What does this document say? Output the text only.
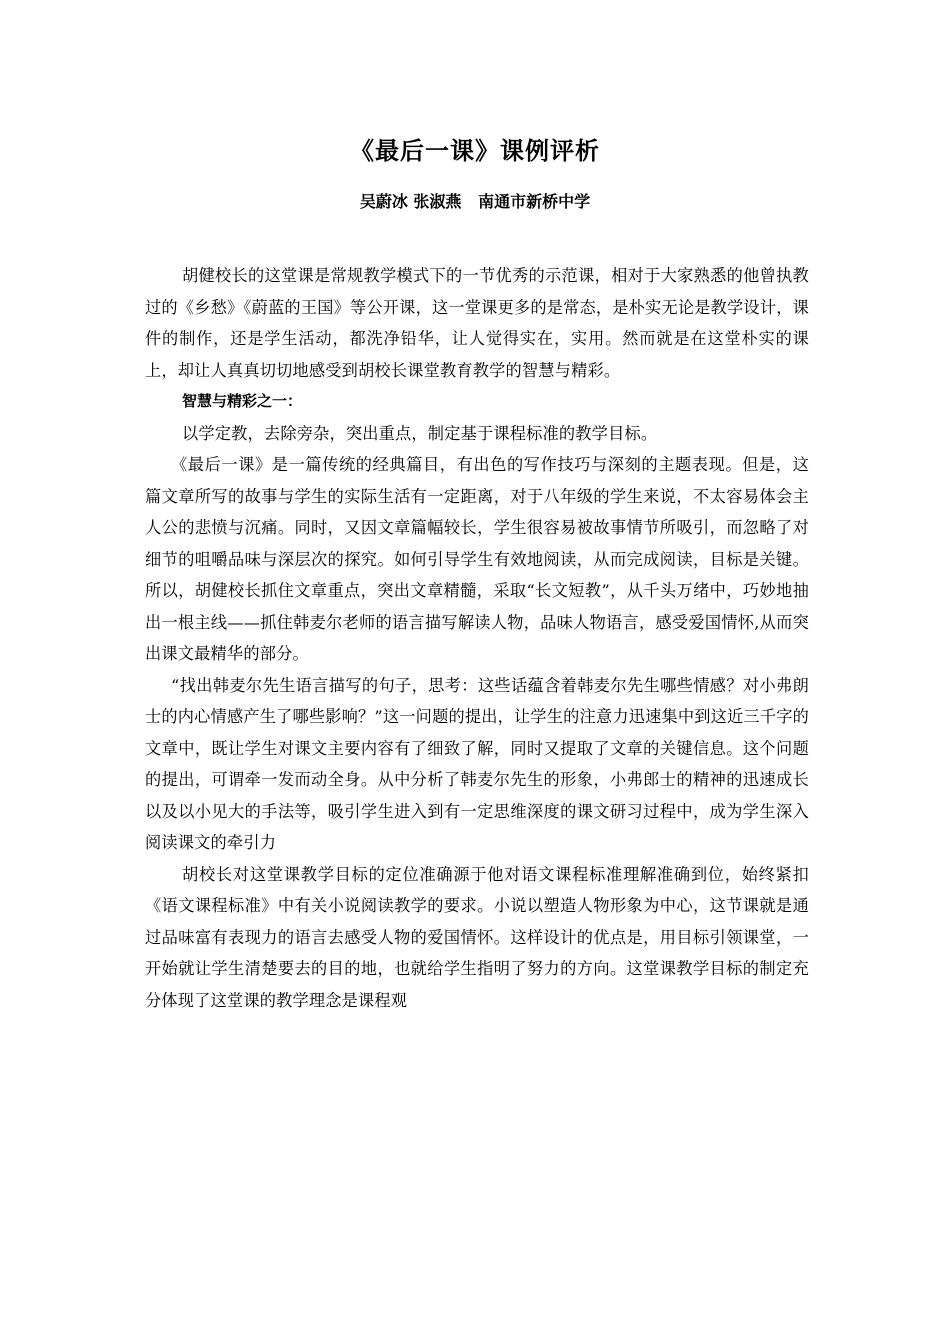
《最后一课》课例评析

吴蔚冰 张淑燕   南通市新桥中学

胡健校长的这堂课是常规教学模式下的一节优秀的示范课，相对于大家熟悉的他曾执教过的《乡愁》《蔚蓝的王国》等公开课，这一堂课更多的是常态，是朴实无论是教学设计，课件的制作，还是学生活动，都洗净铅华，让人觉得实在，实用。然而就是在这堂朴实的课上，却让人真真切切地感受到胡校长课堂教育教学的智慧与精彩。

智慧与精彩之一：

以学定教，去除旁杂，突出重点，制定基于课程标准的教学目标。

《最后一课》是一篇传统的经典篇目，有出色的写作技巧与深刻的主题表现。但是，这篇文章所写的故事与学生的实际生活有一定距离，对于八年级的学生来说，不太容易体会主人公的悲愤与沉痛。同时，又因文章篇幅较长，学生很容易被故事情节所吸引，而忽略了对细节的咀嚼品味与深层次的探究。如何引导学生有效地阅读，从而完成阅读，目标是关键。所以，胡健校长抓住文章重点，突出文章精髓，采取“长文短教”，从千头万绪中，巧妙地抽出一根主线——抓住韩麦尔老师的语言描写解读人物，品味人物语言，感受爱国情怀,从而突出课文最精华的部分。

“找出韩麦尔先生语言描写的句子，思考：这些话蕴含着韩麦尔先生哪些情感？对小弗朗士的内心情感产生了哪些影响？”这一问题的提出，让学生的注意力迅速集中到这近三千字的文章中，既让学生对课文主要内容有了细致了解，同时又提取了文章的关键信息。这个问题的提出，可谓牵一发而动全身。从中分析了韩麦尔先生的形象，小弗郎士的精神的迅速成长以及以小见大的手法等，吸引学生进入到有一定思维深度的课文研习过程中，成为学生深入阅读课文的牵引力

胡校长对这堂课教学目标的定位准确源于他对语文课程标准理解准确到位，始终紧扣《语文课程标准》中有关小说阅读教学的要求。小说以塑造人物形象为中心，这节课就是通过品味富有表现力的语言去感受人物的爱国情怀。这样设计的优点是，用目标引领课堂，一开始就让学生清楚要去的目的地，也就给学生指明了努力的方向。这堂课教学目标的制定充分体现了这堂课的教学理念是课程观
